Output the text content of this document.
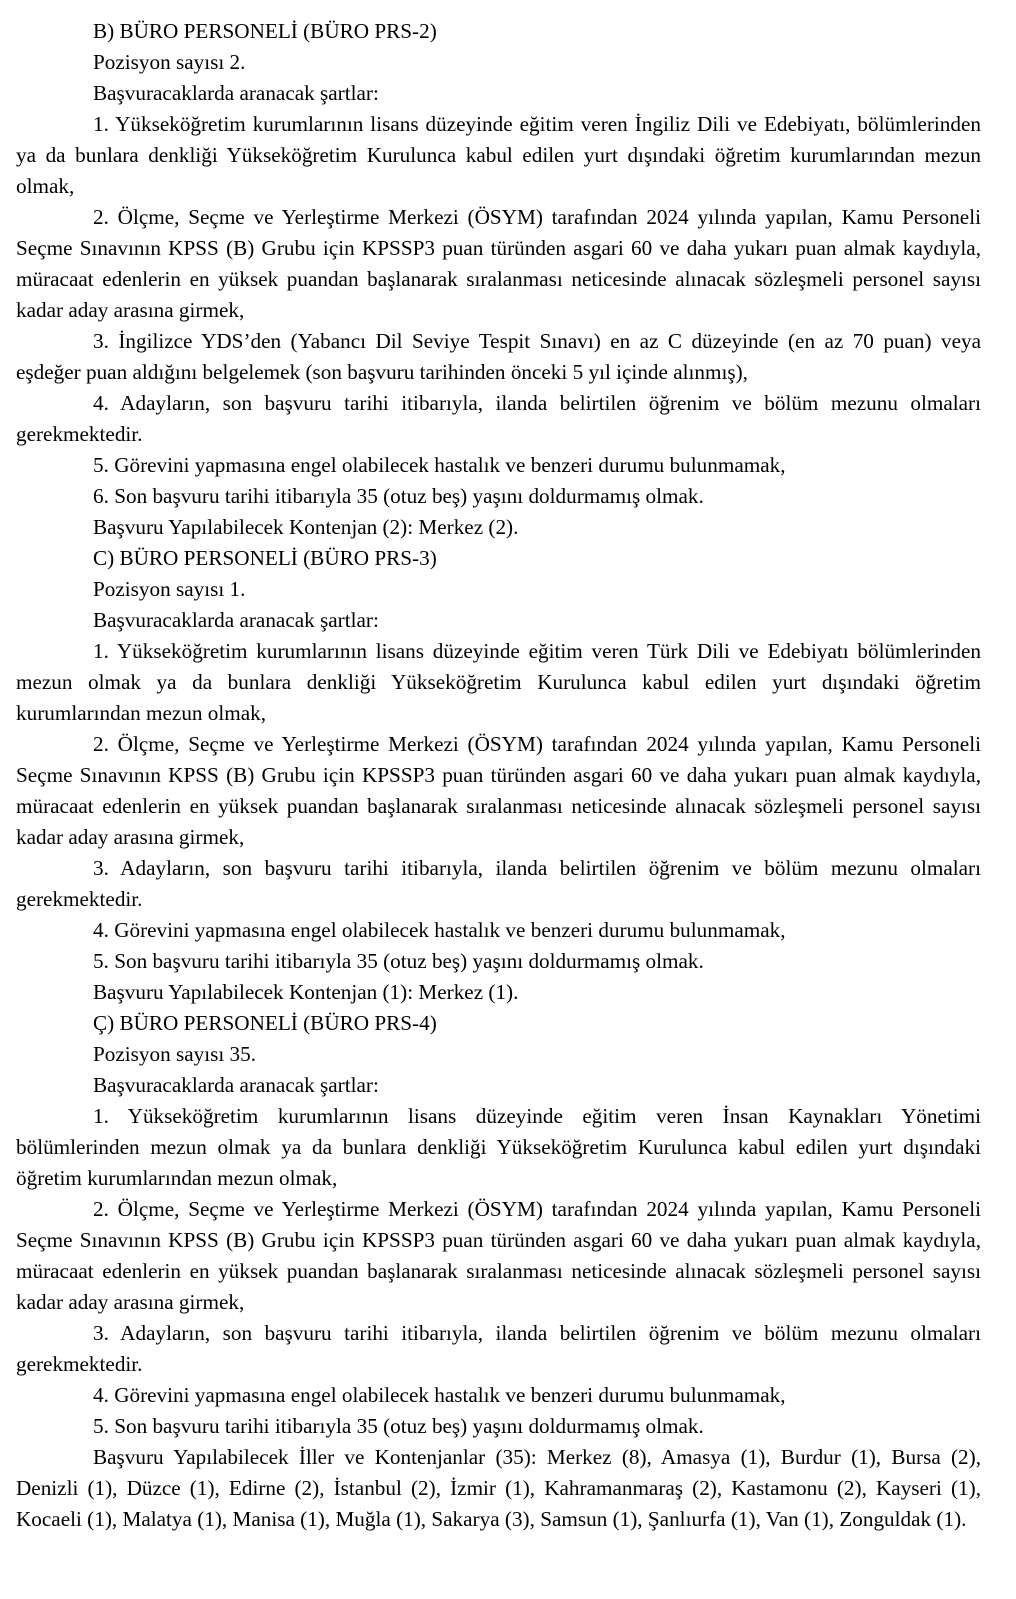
B) BÜRO PERSONELİ (BÜRO PRS-2)
Pozisyon sayısı 2.
Başvuracaklarda aranacak şartlar:

1. Yükseköğretim kurumlarının lisans düzeyinde eğitim veren İngiliz Dili ve Edebiyatı, bölümlerinden ya da bunlara denkliği Yükseköğretim Kurulunca kabul edilen yurt dışındaki öğretim kurumlarından mezun olmak,

2. Ölçme, Seçme ve Yerleştirme Merkezi (ÖSYM) tarafından 2024 yılında yapılan, Kamu Personeli Seçme Sınavının KPSS (B) Grubu için KPSSP3 puan türünden asgari 60 ve daha yukarı puan almak kaydıyla, müracaat edenlerin en yüksek puandan başlanarak sıralanması neticesinde alınacak sözleşmeli personel sayısı kadar aday arasına girmek,

3. İngilizce YDS’den (Yabancı Dil Seviye Tespit Sınavı) en az C düzeyinde (en az 70 puan) veya eşdeğer puan aldığını belgelemek (son başvuru tarihinden önceki 5 yıl içinde alınmış),

4. Adayların, son başvuru tarihi itibarıyla, ilanda belirtilen öğrenim ve bölüm mezunu olmaları gerekmektedir.

5. Görevini yapmasına engel olabilecek hastalık ve benzeri durumu bulunmamak,

6. Son başvuru tarihi itibarıyla 35 (otuz beş) yaşını doldurmamış olmak.

Başvuru Yapılabilecek Kontenjan (2): Merkez (2).

C) BÜRO PERSONELİ (BÜRO PRS-3)
Pozisyon sayısı 1.
Başvuracaklarda aranacak şartlar:

1. Yükseköğretim kurumlarının lisans düzeyinde eğitim veren Türk Dili ve Edebiyatı bölümlerinden mezun olmak ya da bunlara denkliği Yükseköğretim Kurulunca kabul edilen yurt dışındaki öğretim kurumlarından mezun olmak,

2. Ölçme, Seçme ve Yerleştirme Merkezi (ÖSYM) tarafından 2024 yılında yapılan, Kamu Personeli Seçme Sınavının KPSS (B) Grubu için KPSSP3 puan türünden asgari 60 ve daha yukarı puan almak kaydıyla, müracaat edenlerin en yüksek puandan başlanarak sıralanması neticesinde alınacak sözleşmeli personel sayısı kadar aday arasına girmek,

3. Adayların, son başvuru tarihi itibarıyla, ilanda belirtilen öğrenim ve bölüm mezunu olmaları gerekmektedir.

4. Görevini yapmasına engel olabilecek hastalık ve benzeri durumu bulunmamak,

5. Son başvuru tarihi itibarıyla 35 (otuz beş) yaşını doldurmamış olmak.

Başvuru Yapılabilecek Kontenjan (1): Merkez (1).

Ç) BÜRO PERSONELİ (BÜRO PRS-4)
Pozisyon sayısı 35.
Başvuracaklarda aranacak şartlar:

1. Yükseköğretim kurumlarının lisans düzeyinde eğitim veren İnsan Kaynakları Yönetimi bölümlerinden mezun olmak ya da bunlara denkliği Yükseköğretim Kurulunca kabul edilen yurt dışındaki öğretim kurumlarından mezun olmak,

2. Ölçme, Seçme ve Yerleştirme Merkezi (ÖSYM) tarafından 2024 yılında yapılan, Kamu Personeli Seçme Sınavının KPSS (B) Grubu için KPSSP3 puan türünden asgari 60 ve daha yukarı puan almak kaydıyla, müracaat edenlerin en yüksek puandan başlanarak sıralanması neticesinde alınacak sözleşmeli personel sayısı kadar aday arasına girmek,

3. Adayların, son başvuru tarihi itibarıyla, ilanda belirtilen öğrenim ve bölüm mezunu olmaları gerekmektedir.

4. Görevini yapmasına engel olabilecek hastalık ve benzeri durumu bulunmamak,

5. Son başvuru tarihi itibarıyla 35 (otuz beş) yaşını doldurmamış olmak.

Başvuru Yapılabilecek İller ve Kontenjanlar (35): Merkez (8), Amasya (1), Burdur (1), Bursa (2), Denizli (1), Düzce (1), Edirne (2), İstanbul (2), İzmir (1), Kahramanmaraş (2), Kastamonu (2), Kayseri (1), Kocaeli (1), Malatya (1), Manisa (1), Muğla (1), Sakarya (3), Samsun (1), Şanlıurfa (1), Van (1), Zonguldak (1).
